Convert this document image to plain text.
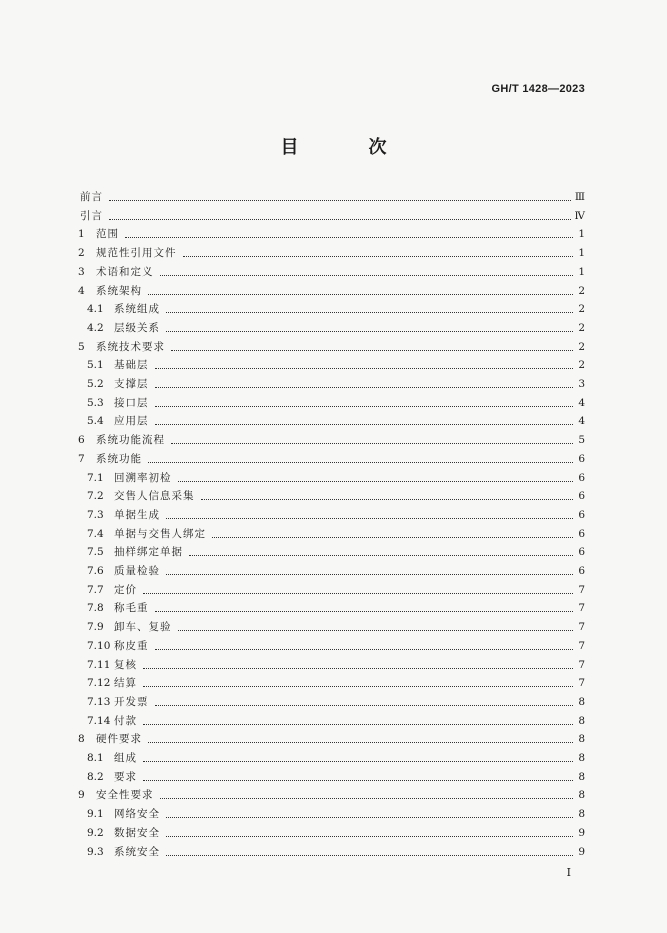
GH/T 1428—2023
目　次
前言	Ⅲ
引言	Ⅳ
1	范围	1
2	规范性引用文件	1
3	术语和定义	1
4	系统架构	2
4.1 系统组成	2
4.2 层级关系	2
5	系统技术要求	2
5.1 基础层	2
5.2 支撑层	3
5.3 接口层	4
5.4 应用层	4
6	系统功能流程	5
7	系统功能	6
7.1 回溯率初检	6
7.2 交售人信息采集	6
7.3 单据生成	6
7.4 单据与交售人绑定	6
7.5 抽样绑定单据	6
7.6 质量检验	6
7.7 定价	7
7.8 称毛重	7
7.9 卸车、复验	7
7.10 称皮重	7
7.11 复核	7
7.12 结算	7
7.13 开发票	8
7.14 付款	8
8	硬件要求	8
8.1 组成	8
8.2 要求	8
9	安全性要求	8
9.1 网络安全	8
9.2 数据安全	9
9.3 系统安全	9
Ⅰ
